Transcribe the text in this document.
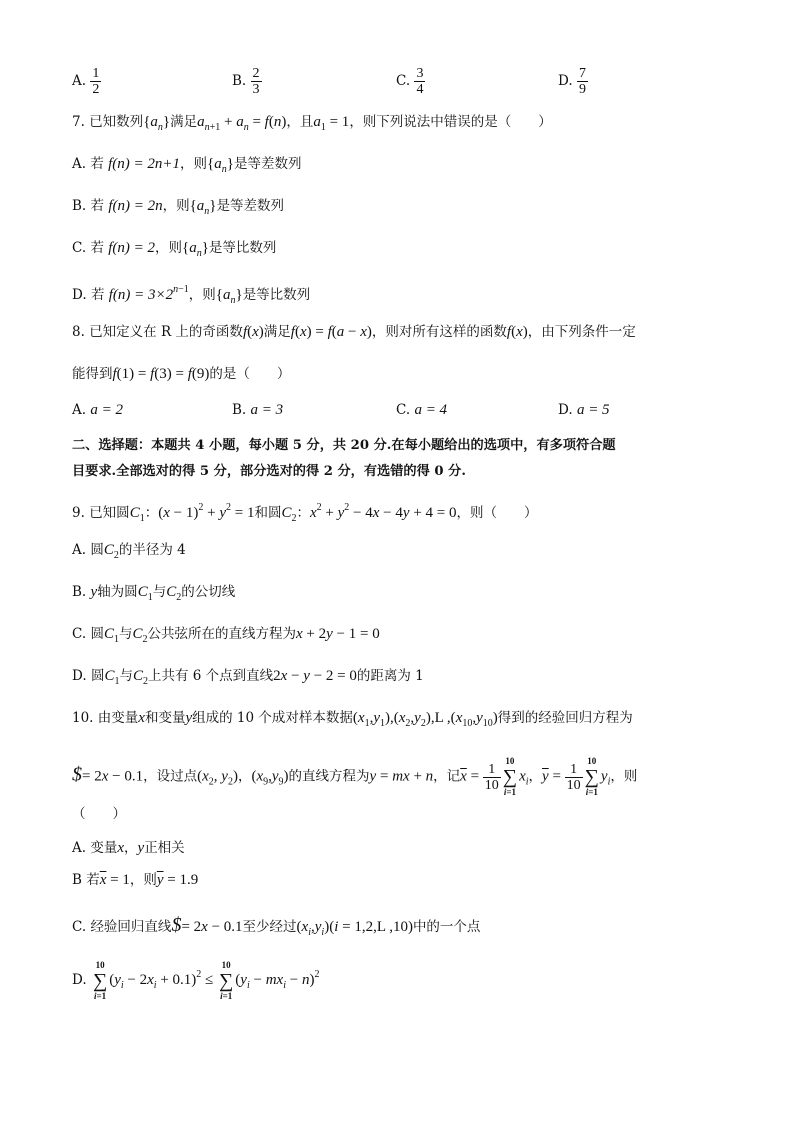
A. $\frac{1}{2}$	B. $\frac{2}{3}$	C. $\frac{3}{4}$	D. $\frac{7}{9}$
7. 已知数列$\{a_n\}$满足$a_{n+1} + a_n = f(n)$，且$a_1 = 1$，则下列说法中错误的是（　　）
A. 若 f(n) = 2n+1，则$\{a_n\}$是等差数列
B. 若 f(n) = 2n，则$\{a_n\}$是等差数列
C. 若 f(n) = 2，则$\{a_n\}$是等比数列
D. 若 $f(n) = 3\times 2^{n-1}$，则$\{a_n\}$是等比数列
8. 已知定义在 R 上的奇函数f(x)满足f(x) = f(a − x)，则对所有这样的函数f(x)，由下列条件一定
能得到f(1) = f(3) = f(9)的是（　　）
A. a = 2	B. a = 3	C. a = 4	D. a = 5
二、选择题：本题共 4 小题，每小题 5 分，共 20 分.在每小题给出的选项中，有多项符合题
目要求.全部选对的得 5 分，部分选对的得 2 分，有选错的得 0 分.
9. 已知圆$C_1$：$(x - 1)^2 + y^2 = 1$和圆$C_2$：$x^2 + y^2 - 4x - 4y + 4 = 0$，则（　　）
A. 圆$C_2$的半径为 4
B. y轴为圆$C_1$与$C_2$的公切线
C. 圆$C_1$与$C_2$公共弦所在的直线方程为x + 2y − 1 = 0
D. 圆$C_1$与$C_2$上共有 6 个点到直线2x − y − 2 = 0的距离为 1
10. 由变量x和变量y组成的 10 个成对样本数据$(x_1,y_1),(x_2,y_2),L$ $,(x_{10},y_{10})$得到的经验回归方程为
$= 2x − 0.1，设过点($x_2$, $y_2$)，$(x_9,y_9)$的直线方程为y = mx + n，记$\overline{x} = \frac{1}{10}$
10
∑
i=1
$x_i$，$\overline{y} = \frac{1}{10}$
10
∑
i=1
$y_i$，则
（　　）
A. 变量x，y正相关
B 若$\overline{x} = 1$，则$\overline{y} = 1.9$
C. 经验回归直线$= 2x − 0.1至少经过$(x_i,y_i)(i = 1,2,L$ ,10)中的一个点
D.
10
∑
i=1
$(y_i - 2x_i + 0.1)^2$ ≤
10
∑
i=1
$(y_i - mx_i - n)^2$
